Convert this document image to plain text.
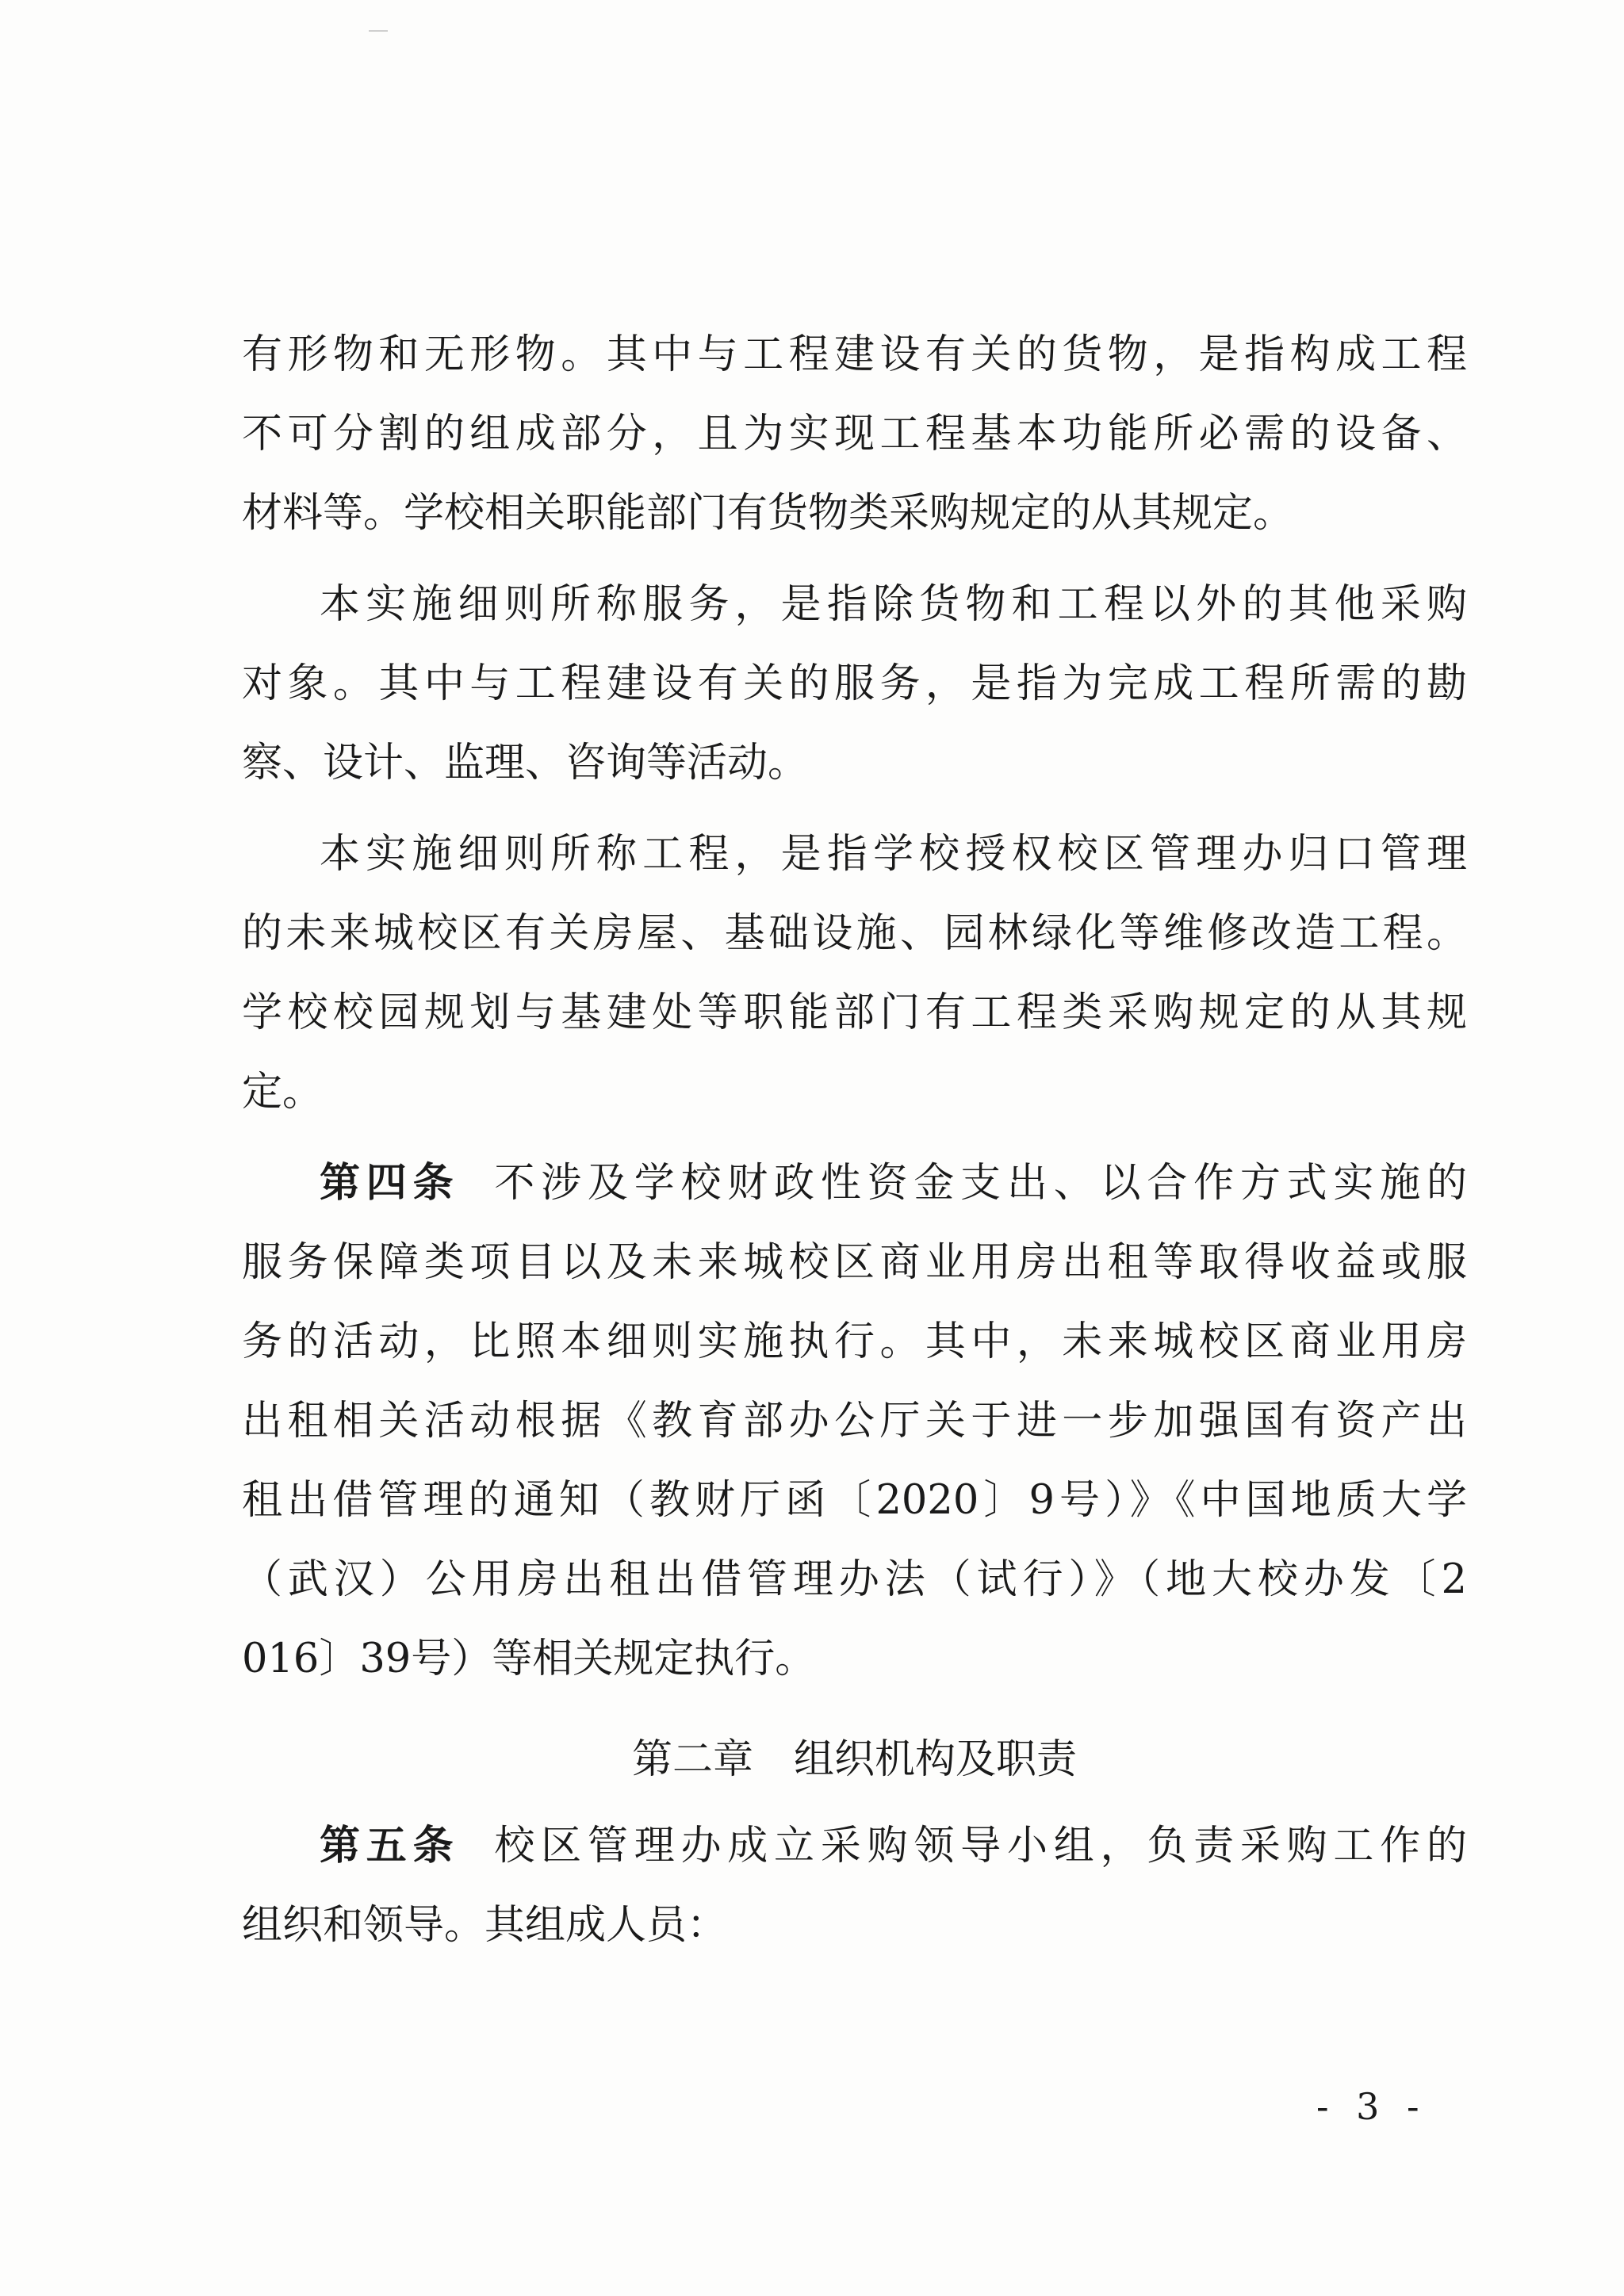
有形物和无形物。其中与工程建设有关的货物，是指构成工程
不可分割的组成部分，且为实现工程基本功能所必需的设备、
材料等。学校相关职能部门有货物类采购规定的从其规定。
本实施细则所称服务，是指除货物和工程以外的其他采购
对象。其中与工程建设有关的服务，是指为完成工程所需的勘
察、设计、监理、咨询等活动。
本实施细则所称工程，是指学校授权校区管理办归口管理
的未来城校区有关房屋、基础设施、园林绿化等维修改造工程。
学校校园规划与基建处等职能部门有工程类采购规定的从其规
定。
第四条 不涉及学校财政性资金支出、以合作方式实施的
服务保障类项目以及未来城校区商业用房出租等取得收益或服
务的活动，比照本细则实施执行。其中，未来城校区商业用房
出租相关活动根据《教育部办公厅关于进一步加强国有资产出
租出借管理的通知（教财厅函〔2020〕9号）》《中国地质大学
（武汉）公用房出租出借管理办法（试行）》（地大校办发〔2
016〕39号）等相关规定执行。
第二章　组织机构及职责
第五条 校区管理办成立采购领导小组，负责采购工作的
组织和领导。其组成人员：
- 3 -
